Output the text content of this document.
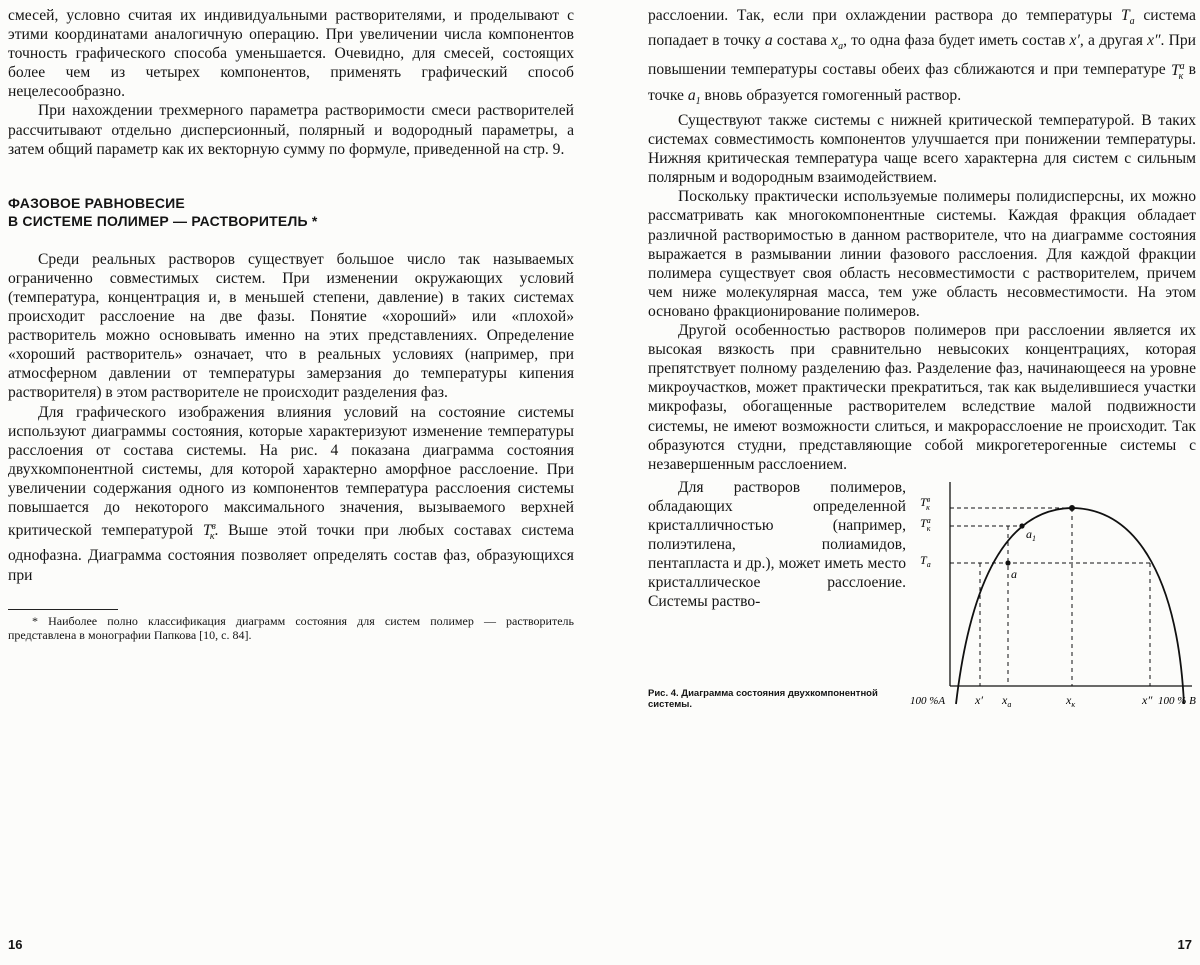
смесей, условно считая их индивидуальными растворителями, и проделывают с этими координатами аналогичную операцию. При увеличении числа компонентов точность графического способа уменьшается. Очевидно, для смесей, состоящих более чем из четырех компонентов, применять графический способ нецелесообразно.

При нахождении трехмерного параметра растворимости смеси растворителей рассчитывают отдельно дисперсионный, полярный и водородный параметры, а затем общий параметр как их векторную сумму по формуле, приведенной на стр. 9.

ФАЗОВОЕ РАВНОВЕСИЕ
В СИСТЕМЕ ПОЛИМЕР — РАСТВОРИТЕЛЬ *

Среди реальных растворов существует большое число так называемых ограниченно совместимых систем. При изменении окружающих условий (температура, концентрация и, в меньшей степени, давление) в таких системах происходит расслоение на две фазы. Понятие «хороший» или «плохой» растворитель можно основывать именно на этих представлениях. Определение «хороший растворитель» означает, что в реальных условиях (например, при атмосферном давлении от температуры замерзания до температуры кипения растворителя) в этом растворителе не происходит разделения фаз.

Для графического изображения влияния условий на состояние системы используют диаграммы состояния, которые характеризуют изменение температуры расслоения от состава системы. На рис. 4 показана диаграмма состояния двухкомпонентной системы, для которой характерно аморфное расслоение. При увеличении содержания одного из компонентов температура расслоения системы повышается до некоторого максимального значения, вызываемого верхней критической температурой $T^в_к$. Выше этой точки при любых составах система однофазна. Диаграмма состояния позволяет определять состав фаз, образующихся при

* Наиболее полно классификация диаграмм состояния для систем полимер — растворитель представлена в монографии Папкова [10, с. 84].

16

расслоении. Так, если при охлаждении раствора до температуры $T_a$ система попадает в точку a состава $x_a$, то одна фаза будет иметь состав x′, а другая x″. При повышении температуры составы обеих фаз сближаются и при температуре $T^а_к$ в точке $a_1$ вновь образуется гомогенный раствор.

Существуют также системы с нижней критической температурой. В таких системах совместимость компонентов улучшается при понижении температуры. Нижняя критическая температура чаще всего характерна для систем с сильным полярным и водородным взаимодействием.

Поскольку практически используемые полимеры полидисперсны, их можно рассматривать как многокомпонентные системы. Каждая фракция обладает различной растворимостью в данном растворителе, что на диаграмме состояния выражается в размывании линии фазового расслоения. Для каждой фракции полимера существует своя область несовместимости с растворителем, причем чем ниже молекулярная масса, тем уже область несовместимости. На этом основано фракционирование полимеров.

Другой особенностью растворов полимеров при расслоении является их высокая вязкость при сравнительно невысоких концентрациях, которая препятствует полному разделению фаз. Разделение фаз, начинающееся на уровне микроучастков, может практически прекратиться, так как выделившиеся участки микрофазы, обогащенные растворителем вследствие малой подвижности системы, не имеют возможности слиться, и макрорасслоение не происходит. Так образуются студни, представляющие собой микрогетерогенные системы с незавершенным расслоением.

Для растворов полимеров, обладающих определенной кристалличностью (например, полиэтилена, полиамидов, пентапласта и др.), может иметь место кристаллическое расслоение. Системы раство-

$T^в$ к
$T^а$ к
$T_a$
$a_1$
a
100 %A x′ $x_a$	$x_к$	x″ 100 % B
Рис. 4. Диаграмма состояния двухкомпонентной системы.
17
